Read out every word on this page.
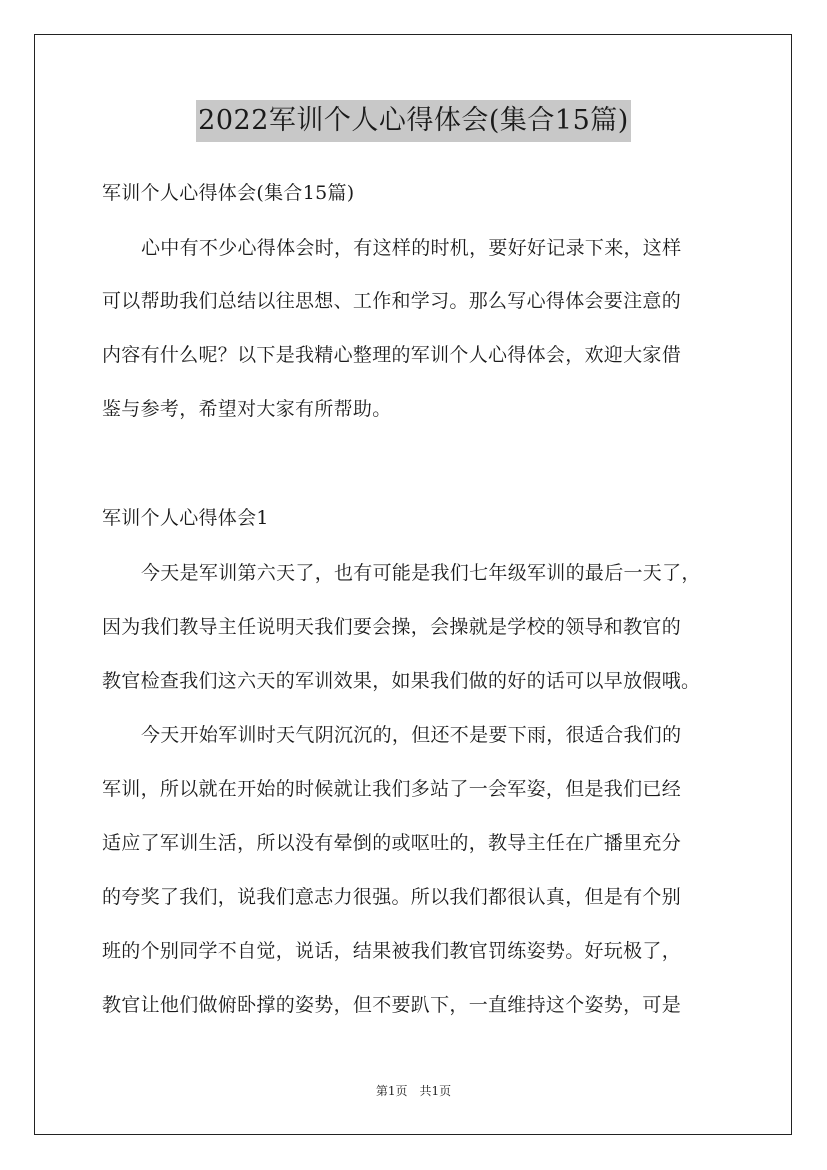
2022军训个人心得体会(集合15篇)
军训个人心得体会(集合15篇)
心中有不少心得体会时，有这样的时机，要好好记录下来，这样
可以帮助我们总结以往思想、工作和学习。那么写心得体会要注意的
内容有什么呢？以下是我精心整理的军训个人心得体会，欢迎大家借
鉴与参考，希望对大家有所帮助。
军训个人心得体会1
今天是军训第六天了，也有可能是我们七年级军训的最后一天了，
因为我们教导主任说明天我们要会操，会操就是学校的领导和教官的
教官检查我们这六天的军训效果，如果我们做的好的话可以早放假哦。
今天开始军训时天气阴沉沉的，但还不是要下雨，很适合我们的
军训，所以就在开始的时候就让我们多站了一会军姿，但是我们已经
适应了军训生活，所以没有晕倒的或呕吐的，教导主任在广播里充分
的夸奖了我们，说我们意志力很强。所以我们都很认真，但是有个别
班的个别同学不自觉，说话，结果被我们教官罚练姿势。好玩极了，
教官让他们做俯卧撑的姿势，但不要趴下，一直维持这个姿势，可是
第1页　共1页
